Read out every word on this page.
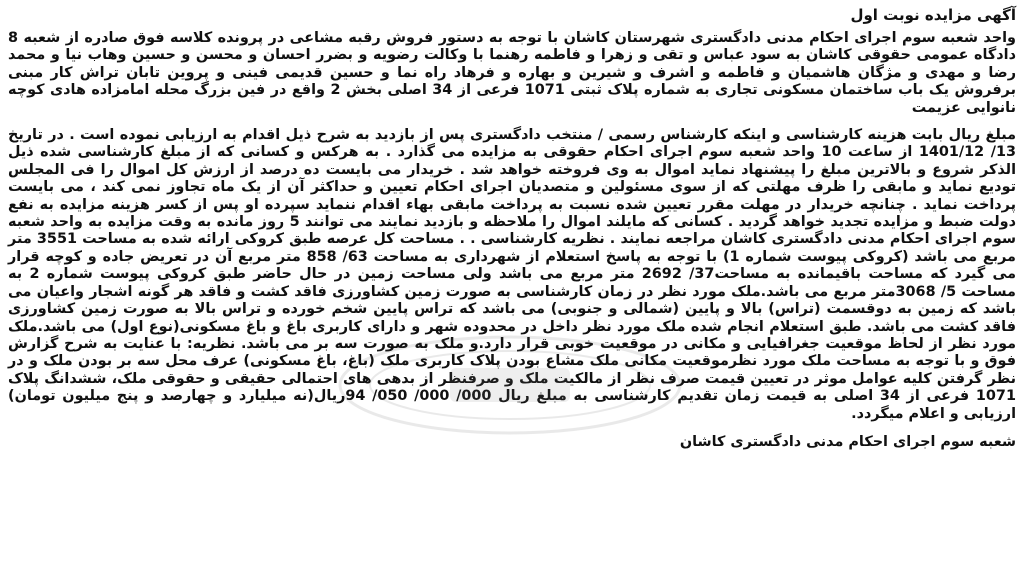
آگهی مزایده نوبت اول
واحد شعبه سوم اجرای احکام مدنی دادگستری شهرستان کاشان با توجه به دستور فروش رقبه مشاعی در پرونده کلاسه فوق صادره از شعبه 8 دادگاه عمومی حقوقی کاشان به سود عباس و تقی و زهرا و فاطمه رهنما با وکالت رضویه و بضرر احسان و محسن و حسین وهاب نیا و محمد رضا و مهدی و مژگان هاشمیان و فاطمه و اشرف و شیرین و بهاره و فرهاد راه نما و حسین قدیمی فینی و پروین تابان تراش کار مبنی برفروش یک باب ساختمان مسکونی تجاری به شماره پلاک ثبتی 1071 فرعی از 34 اصلی بخش 2 واقع در فین بزرگ محله امامزاده هادی کوچه نانوایی عزیمت
مبلغ ریال بابت هزینه کارشناسی و اینکه کارشناس رسمی / منتخب دادگستری پس از بازدید به شرح ذیل اقدام به ارزیابی نموده است . در تاریخ 13/ 1401/12 از ساعت 10 واحد شعبه سوم اجرای احکام حقوقی به مزایده می گذارد . به هرکس و کسانی که از مبلغ کارشناسی شده ذیل الذکر شروع و بالاترین مبلغ را پیشنهاد نماید اموال به وی فروخته خواهد شد . خریدار می بایست ده درصد از ارزش کل اموال را فی المجلس تودیع نماید و مابقی را ظرف مهلتی که از سوی مسئولین و متصدیان اجرای احکام تعیین و حداکثر آن از یک ماه تجاوز نمی کند ، می بایست پرداخت نماید . چنانچه خریدار در مهلت مقرر تعیین شده نسبت به پرداخت مابقی بهاء اقدام ننماید سپرده او پس از کسر هزینه مزایده به نفع دولت ضبط و مزایده تجدید خواهد گردید . کسانی که مایلند اموال را ملاحظه و بازدید نمایند می توانند 5 روز مانده به وقت مزایده به واحد شعبه سوم اجرای احکام مدنی دادگستری کاشان مراجعه نمایند . نظریه کارشناسی . . مساحت کل عرصه طبق کروکی ارائه شده به مساحت 3551 متر مربع می باشد (کروکی پیوست شماره 1) با توجه به پاسخ استعلام از شهرداری به مساحت 63/ 858 متر مربع آن در تعریض جاده و کوچه قرار می گیرد که مساحت باقیمانده به مساحت37/ 2692 متر مربع می باشد ولی مساحت زمین در حال حاضر طبق کروکی پیوست شماره 2 به مساحت 5/ 3068متر مربع می باشد.ملک مورد نظر در زمان کارشناسی به صورت زمین کشاورزی فاقد کشت و فاقد هر گونه اشجار واعیان می باشد که زمین به دوقسمت (تراس) بالا و پایین (شمالی و جنوبی) می باشد که تراس پایین شخم خورده و تراس بالا به صورت زمین کشاورزی فاقد کشت می باشد. طبق استعلام انجام شده ملک مورد نظر داخل در محدوده شهر و دارای کاربری باغ و باغ مسکونی(نوع اول) می باشد.ملک مورد نظر از لحاظ موقعیت جغرافیایی و مکانی در موقعیت خوبی قرار دارد.و ملک به صورت سه بر می باشد. نظریه: با عنایت به شرح گزارش فوق و با توجه به مساحت ملک مورد نظرموقعیت مکانی ملک مشاع بودن پلاک کاربری ملک (باغ، باغ مسکونی) عرف محل سه بر بودن ملک و در نظر گرفتن کلیه عوامل موثر در تعیین قیمت صرف نظر از مالکیت ملک و صرفنظر از بدهی های احتمالی حقیقی و حقوقی ملک، ششدانگ پلاک 1071 فرعی از 34 اصلی به قیمت زمان تقدیم کارشناسی به مبلغ ریال 000/ 000/ 050/ 94ریال(نه میلیارد و چهارصد و پنج میلیون تومان) ارزیابی و اعلام میگردد.
شعبه سوم اجرای احکام مدنی دادگستری کاشان
